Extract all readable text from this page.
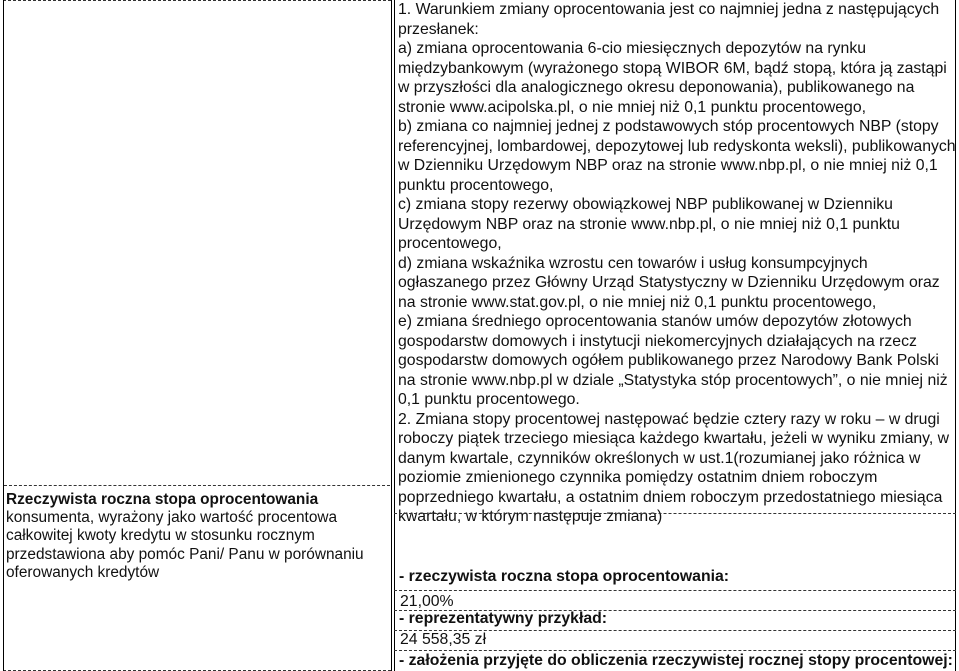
Rzeczywista roczna stopa oprocentowania
konsumenta, wyrażony jako wartość procentowa całkowitej kwoty kredytu w stosunku rocznym przedstawiona aby pomóc Pani/ Panu w porównaniu oferowanych kredytów

1. Warunkiem zmiany oprocentowania jest co najmniej jedna z następujących przesłanek:

a) zmiana oprocentowania 6-cio miesięcznych depozytów na rynku międzybankowym (wyrażonego stopą WIBOR 6M, bądź stopą, która ją zastąpi w przyszłości dla analogicznego okresu deponowania), publikowanego na stronie www.acipolska.pl, o nie mniej niż 0,1 punktu procentowego,

b) zmiana co najmniej jednej z podstawowych stóp procentowych NBP (stopy referencyjnej, lombardowej, depozytowej lub redyskonta weksli), publikowanych w Dzienniku Urzędowym NBP oraz na stronie www.nbp.pl, o nie mniej niż 0,1 punktu procentowego,

c) zmiana stopy rezerwy obowiązkowej NBP publikowanej w Dzienniku Urzędowym NBP oraz na stronie www.nbp.pl, o nie mniej niż 0,1 punktu procentowego,

d) zmiana wskaźnika wzrostu cen towarów i usług konsumpcyjnych ogłaszanego przez Główny Urząd Statystyczny w Dzienniku Urzędowym oraz na stronie www.stat.gov.pl, o nie mniej niż 0,1 punktu procentowego,

e) zmiana średniego oprocentowania stanów umów depozytów złotowych gospodarstw domowych i instytucji niekomercyjnych działających na rzecz gospodarstw domowych ogółem publikowanego przez Narodowy Bank Polski na stronie www.nbp.pl w dziale „Statystyka stóp procentowych”, o nie mniej niż 0,1 punktu procentowego.

2. Zmiana stopy procentowej następować będzie cztery razy w roku – w drugi roboczy piątek trzeciego miesiąca każdego kwartału, jeżeli w wyniku zmiany, w danym kwartale, czynników określonych w ust.1(rozumianej jako różnica w poziomie zmienionego czynnika pomiędzy ostatnim dniem roboczym poprzedniego kwartału, a ostatnim dniem roboczym przedostatniego miesiąca kwartału, w którym następuje zmiana)

- rzeczywista roczna stopa oprocentowania:
21,00%
- reprezentatywny przykład:
24 558,35 zł
- założenia przyjęte do obliczenia rzeczywistej rocznej stopy procentowej:
